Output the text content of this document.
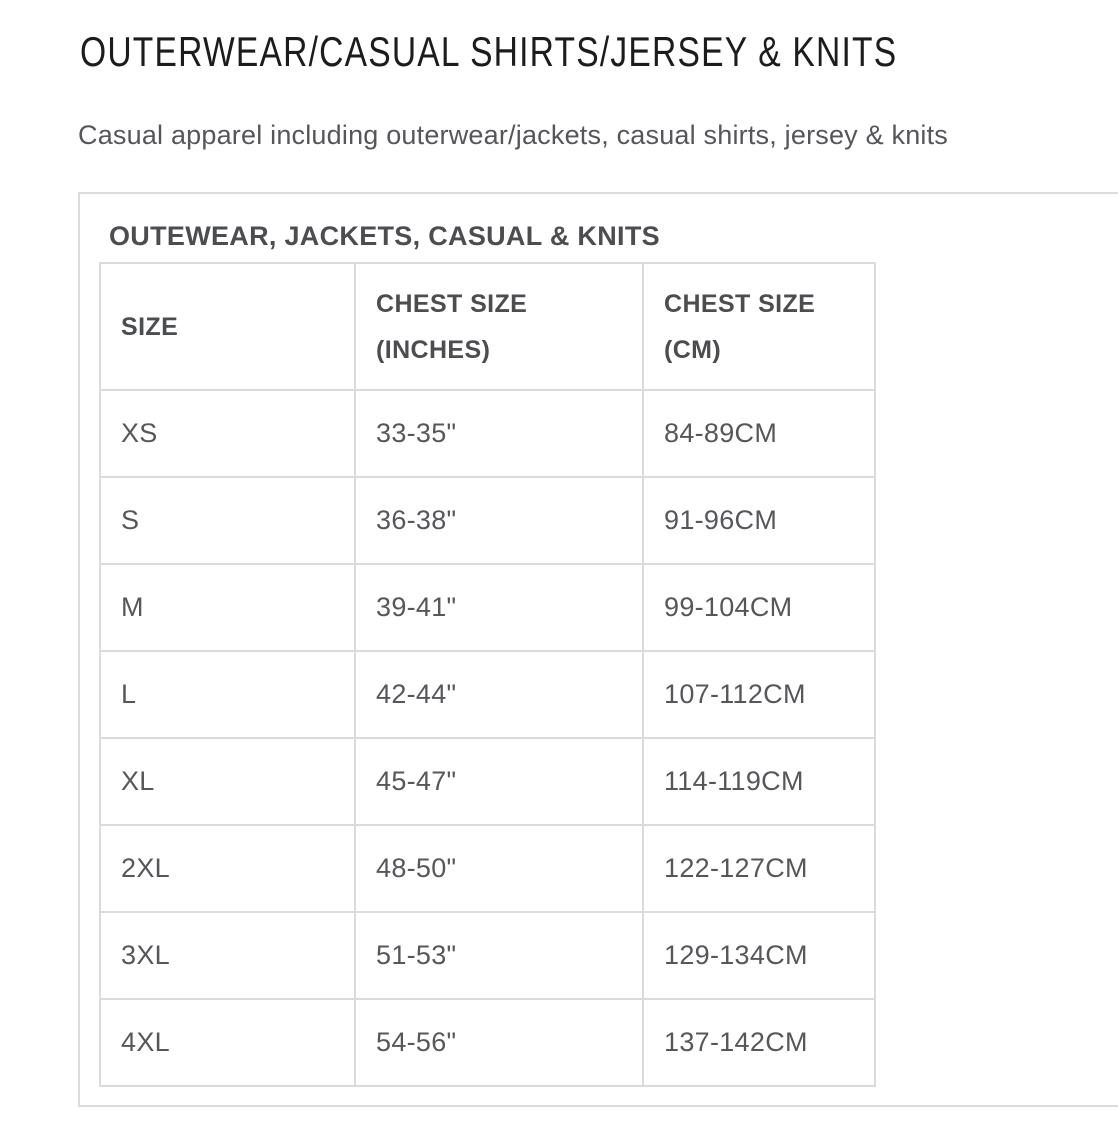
OUTERWEAR/CASUAL SHIRTS/JERSEY & KNITS

Casual apparel including outerwear/jackets, casual shirts, jersey & knits

OUTEWEAR, JACKETS, CASUAL & KNITS
SIZE	CHEST SIZE (INCHES)	CHEST SIZE (CM)
XS	33-35"	84-89CM
S	36-38"	91-96CM
M	39-41"	99-104CM
L	42-44"	107-112CM
XL	45-47"	114-119CM
2XL	48-50"	122-127CM
3XL	51-53"	129-134CM
4XL	54-56"	137-142CM
